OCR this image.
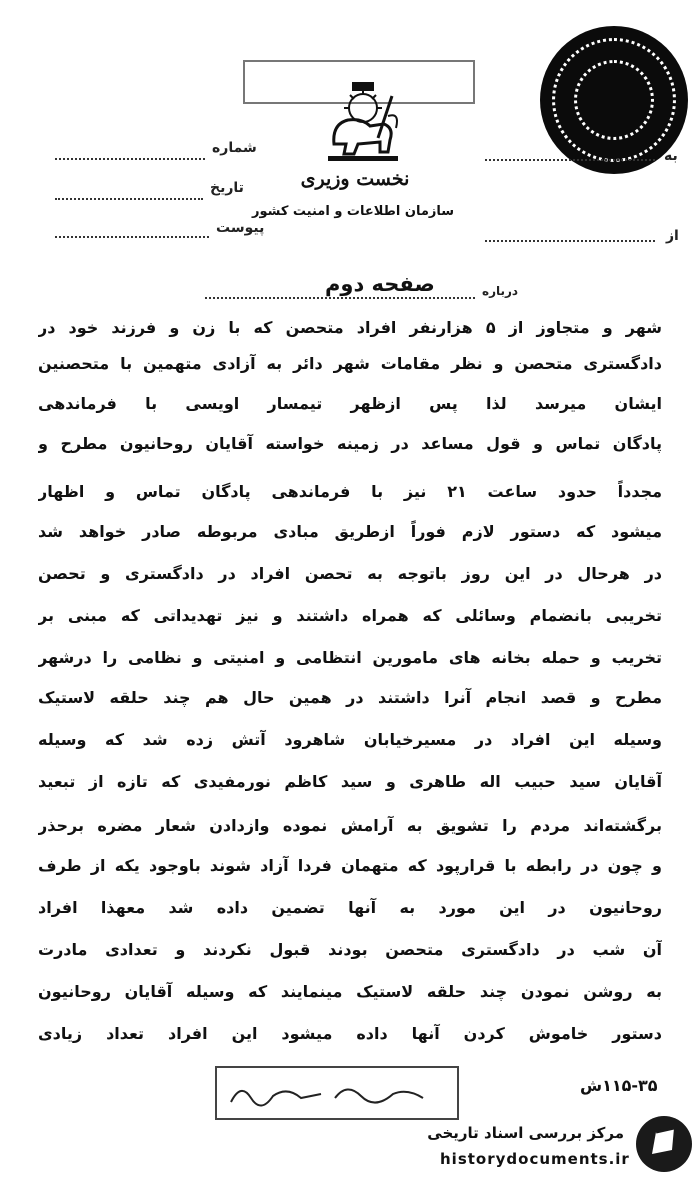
نخست وزیری
سازمان اطلاعات و امنیت کشور
شماره
تاریخ
پیوست
به
از
درباره
صفحه دوم
شهر و متجاوز از ۵ هزارنفر افراد متحصن که با زن و فرزند خود در
دادگستری متحصن و نظر مقامات شهر دائر به آزادی متهمین با متحصنین
ایشان میرسد لذا پس ازظهر تیمسار اویسی با فرماندهی
پادگان تماس و قول مساعد در زمینه خواسته آقایان روحانیون مطرح و
مجدداً حدود ساعت ۲۱ نیز با فرماندهی پادگان تماس و اظهار
میشود که دستور لازم فوراً ازطریق مبادی مربوطه صادر خواهد شد
در هرحال در این روز باتوجه به تحصن افراد در دادگستری و تحصن
تخریبی بانضمام وسائلی که همراه داشتند و نیز تهدیداتی که مبنی بر
تخریب و حمله بخانه های مامورین انتظامی و امنیتی و نظامی را درشهر
مطرح و قصد انجام آنرا داشتند در همین حال هم چند حلقه لاستیک
وسیله این افراد در مسیرخیابان شاهرود آتش زده شد که وسیله
آقایان سید حبیب اله طاهری و سید کاظم نورمفیدی که تازه از تبعید
برگشته‌اند مردم را تشویق به آرامش نموده وازدادن شعار مضره برحذر
و چون در رابطه با قرارپود که متهمان فردا آزاد شوند باوجود یکه از طرف
روحانیون در این مورد به آنها تضمین داده شد معهذا افراد
آن شب در دادگستری متحصن بودند قبول نکردند و تعدادی مادرت
به روشن نمودن چند حلقه لاستیک مینمایند که وسیله آقایان روحانیون
دستور خاموش کردن آنها داده میشود این افراد تعداد زیادی
۱۱۵-۳۵ش
مرکز بررسی اسناد تاریخی
historydocuments.ir
